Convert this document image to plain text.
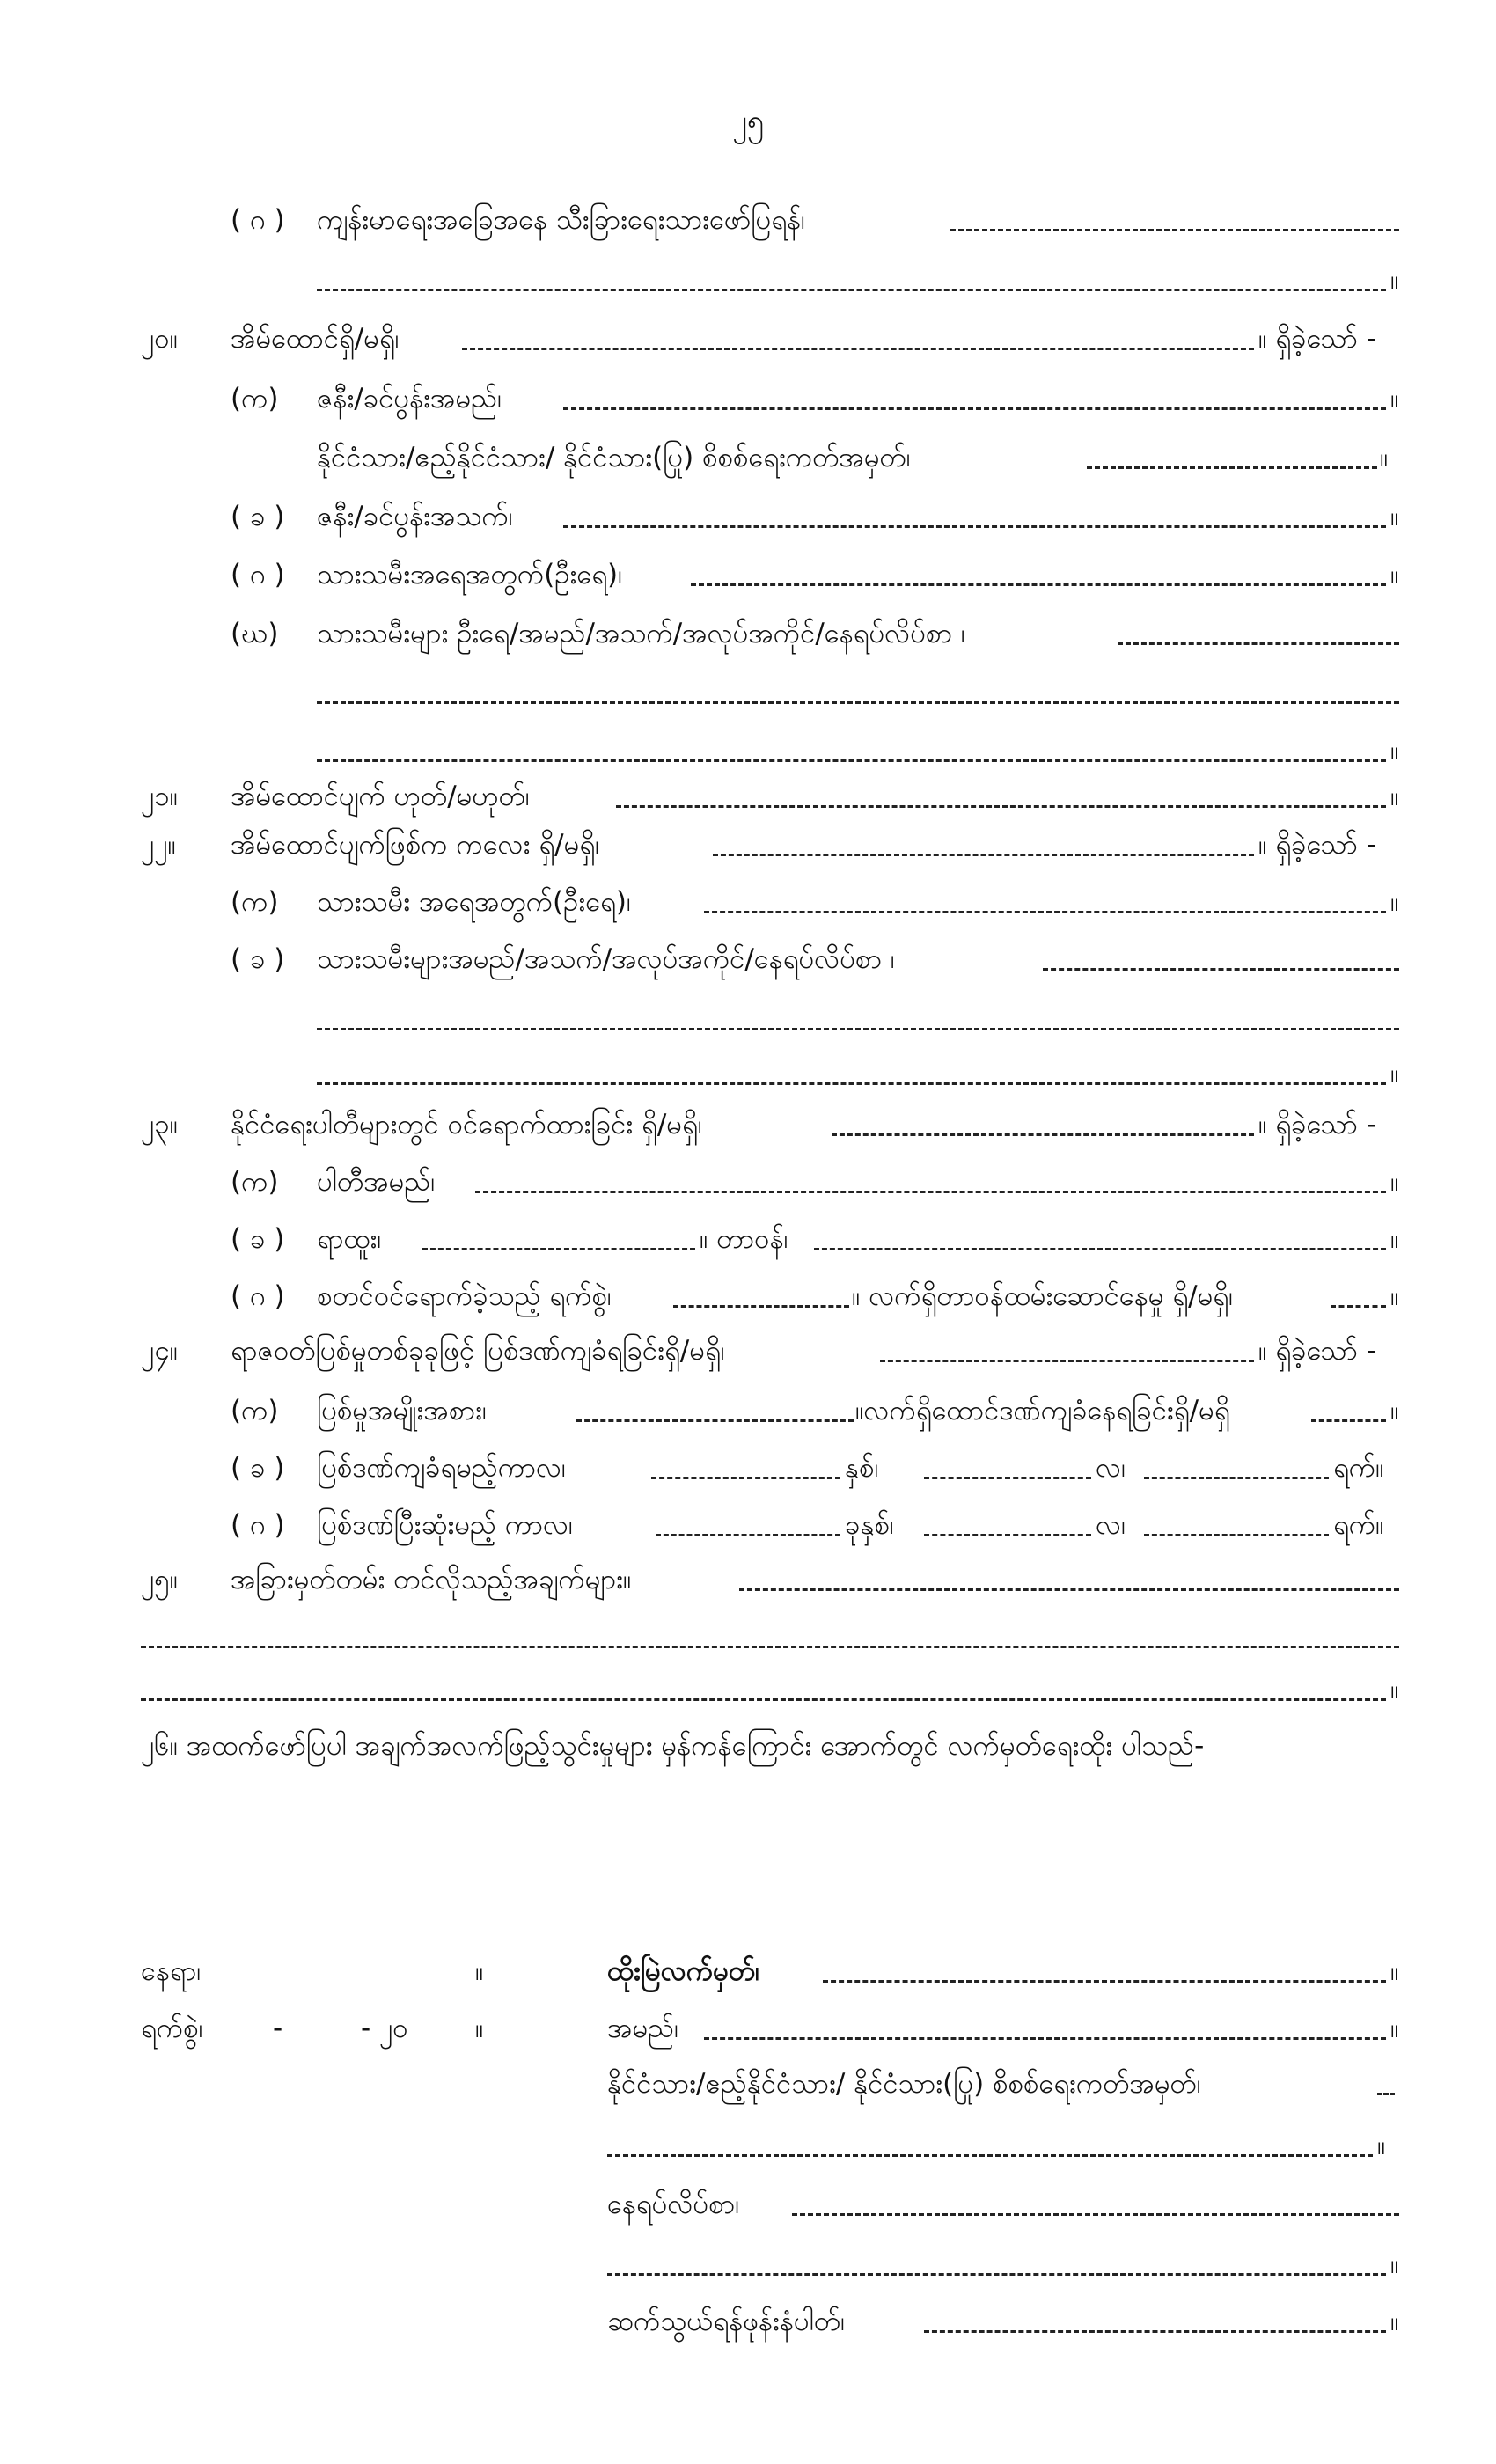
၂၅
( ဂ ) ကျန်းမာရေးအခြေအနေ သီးခြားရေးသားဖော်ပြရန်၊
။
၂၀။ အိမ်ထောင်ရှိ/မရှိ၊	။ ရှိခဲ့သော် -
(က) ဇနီး/ခင်ပွန်းအမည်၊	။
နိုင်ငံသား/ဧည့်နိုင်ငံသား/ နိုင်ငံသား(ပြု) စိစစ်ရေးကတ်အမှတ်၊	။
( ခ ) ဇနီး/ခင်ပွန်းအသက်၊	။
( ဂ ) သားသမီးအရေအတွက်(ဦးရေ)၊	။
(ဃ) သားသမီးများ ဦးရေ/အမည်/အသက်/အလုပ်အကိုင်/နေရပ်လိပ်စာ ၊
။
၂၁။ အိမ်ထောင်ပျက် ဟုတ်/မဟုတ်၊	။
၂၂။ အိမ်ထောင်ပျက်ဖြစ်က ကလေး ရှိ/မရှိ၊	။ ရှိခဲ့သော် -
(က) သားသမီး အရေအတွက်(ဦးရေ)၊	။
( ခ ) သားသမီးများအမည်/အသက်/အလုပ်အကိုင်/နေရပ်လိပ်စာ ၊
။
၂၃။ နိုင်ငံရေးပါတီများတွင် ဝင်ရောက်ထားခြင်း ရှိ/မရှိ၊	။ ရှိခဲ့သော် -
(က) ပါတီအမည်၊	။
( ခ ) ရာထူး၊	။ တာဝန်၊	။
( ဂ ) စတင်ဝင်ရောက်ခဲ့သည့် ရက်စွဲ၊	။ လက်ရှိတာဝန်ထမ်းဆောင်နေမှု ရှိ/မရှိ၊	။
၂၄။ ရာဇဝတ်ပြစ်မှုတစ်ခုခုဖြင့် ပြစ်ဒဏ်ကျခံရခြင်းရှိ/မရှိ၊	။ ရှိခဲ့သော် -
(က) ပြစ်မှုအမျိုးအစား၊	။လက်ရှိထောင်ဒဏ်ကျခံနေရခြင်းရှိ/မရှိ	။
( ခ ) ပြစ်ဒဏ်ကျခံရမည့်ကာလ၊	နှစ်၊	လ၊	ရက်။
( ဂ ) ပြစ်ဒဏ်ပြီးဆုံးမည့် ကာလ၊	ခုနှစ်၊	လ၊	ရက်။
၂၅။ အခြားမှတ်တမ်း တင်လိုသည့်အချက်များ။
။
၂၆။ အထက်ဖော်ပြပါ အချက်အလက်ဖြည့်သွင်းမှုများ မှန်ကန်ကြောင်း အောက်တွင် လက်မှတ်ရေးထိုး ပါသည်-
နေရာ၊	။	ထိုးမြဲလက်မှတ်၊	။
ရက်စွဲ၊	-	- ၂၀ ။	အမည်၊	။
နိုင်ငံသား/ဧည့်နိုင်ငံသား/ နိုင်ငံသား(ပြု) စိစစ်ရေးကတ်အမှတ်၊
။
နေရပ်လိပ်စာ၊
။
ဆက်သွယ်ရန်ဖုန်းနံပါတ်၊	။
